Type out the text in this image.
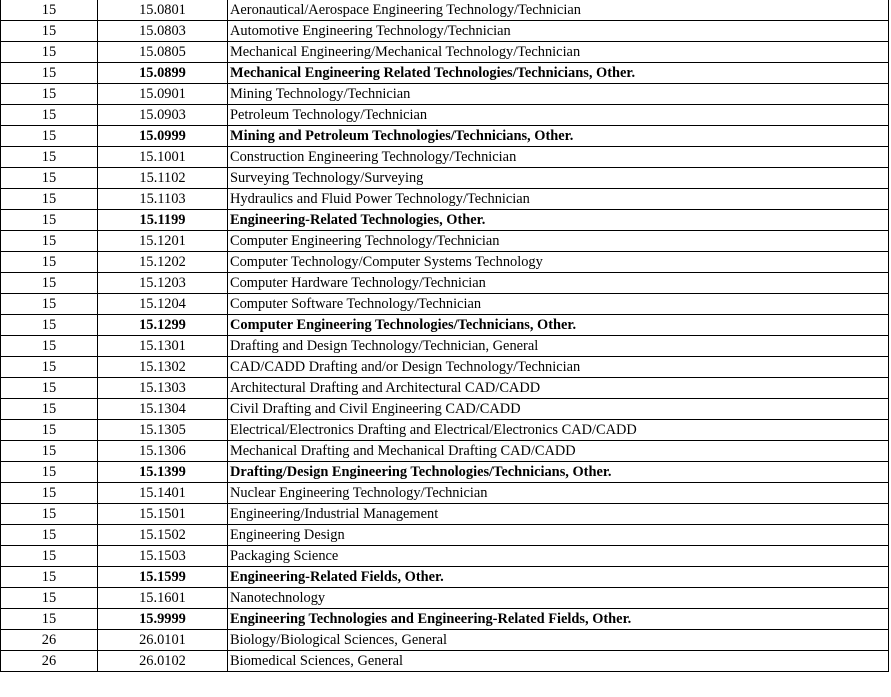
15	15.0801	Aeronautical/Aerospace Engineering Technology/Technician
15	15.0803	Automotive Engineering Technology/Technician
15	15.0805	Mechanical Engineering/Mechanical Technology/Technician
15	15.0899	Mechanical Engineering Related Technologies/Technicians, Other.
15	15.0901	Mining Technology/Technician
15	15.0903	Petroleum Technology/Technician
15	15.0999	Mining and Petroleum Technologies/Technicians, Other.
15	15.1001	Construction Engineering Technology/Technician
15	15.1102	Surveying Technology/Surveying
15	15.1103	Hydraulics and Fluid Power Technology/Technician
15	15.1199	Engineering-Related Technologies, Other.
15	15.1201	Computer Engineering Technology/Technician
15	15.1202	Computer Technology/Computer Systems Technology
15	15.1203	Computer Hardware Technology/Technician
15	15.1204	Computer Software Technology/Technician
15	15.1299	Computer Engineering Technologies/Technicians, Other.
15	15.1301	Drafting and Design Technology/Technician, General
15	15.1302	CAD/CADD Drafting and/or Design Technology/Technician
15	15.1303	Architectural Drafting and Architectural CAD/CADD
15	15.1304	Civil Drafting and Civil Engineering CAD/CADD
15	15.1305	Electrical/Electronics Drafting and Electrical/Electronics CAD/CADD
15	15.1306	Mechanical Drafting and Mechanical Drafting CAD/CADD
15	15.1399	Drafting/Design Engineering Technologies/Technicians, Other.
15	15.1401	Nuclear Engineering Technology/Technician
15	15.1501	Engineering/Industrial Management
15	15.1502	Engineering Design
15	15.1503	Packaging Science
15	15.1599	Engineering-Related Fields, Other.
15	15.1601	Nanotechnology
15	15.9999	Engineering Technologies and Engineering-Related Fields, Other.
26	26.0101	Biology/Biological Sciences, General
26	26.0102	Biomedical Sciences, General
